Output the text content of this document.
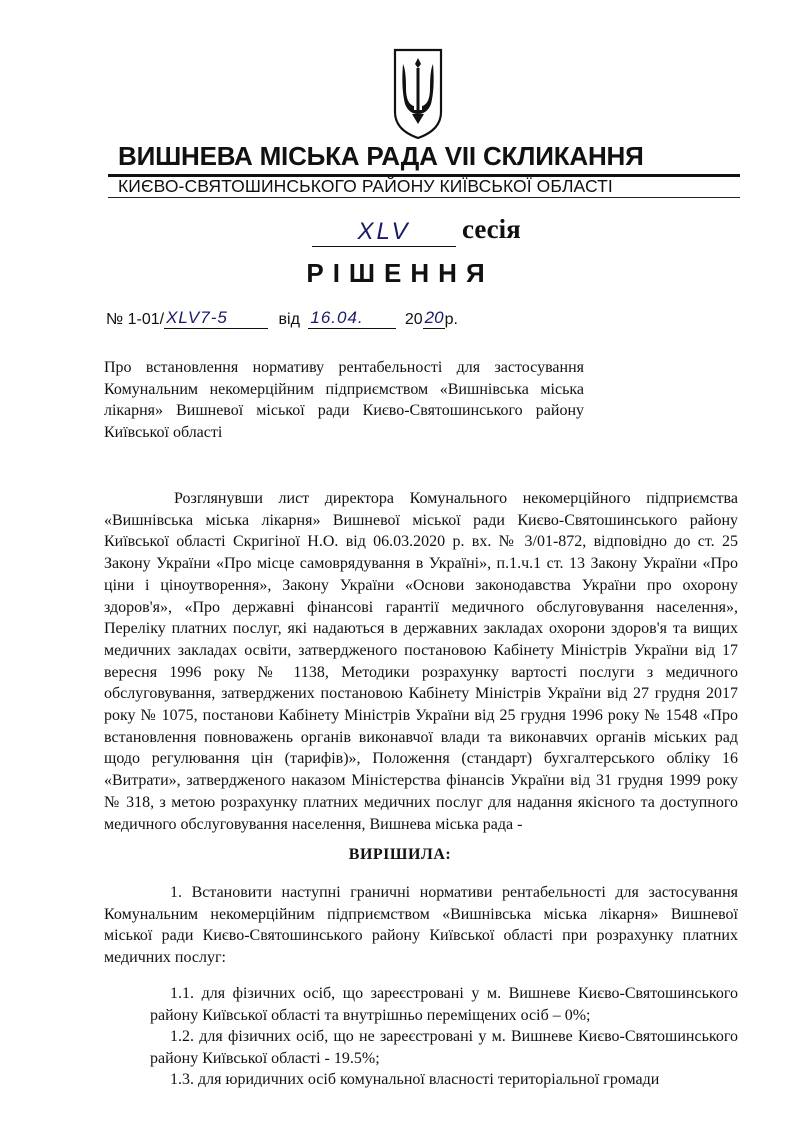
ВИШНЕВА МІСЬКА РАДА VII СКЛИКАННЯ
КИЄВО-СВЯТОШИНСЬКОГО РАЙОНУ КИЇВСЬКОЇ ОБЛАСТІ
XLV	сесія
РІШЕННЯ
№ 1-01/ XLV7-5	від 16.04.	20 20р.
Про встановлення нормативу рентабельності для застосування Комунальним некомерційним підприємством «Вишнівська міська лікарня» Вишневої міської ради Києво-Святошинського району Київської області
Розглянувши лист директора Комунального некомерційного підприємства «Вишнівська міська лікарня» Вишневої міської ради Києво-Святошинського району Київської області Скригіної Н.О. від 06.03.2020 р. вх. № 3/01-872, відповідно до ст. 25 Закону України «Про місце самоврядування в Україні», п.1.ч.1 ст. 13 Закону України «Про ціни і ціноутворення», Закону України «Основи законодавства України про охорону здоров'я», «Про державні фінансові гарантії медичного обслуговування населення», Переліку платних послуг, які надаються в державних закладах охорони здоров'я та вищих медичних закладах освіти, затвердженого постановою Кабінету Міністрів України від 17 вересня 1996 року № 1138, Методики розрахунку вартості послуги з медичного обслуговування, затверджених постановою Кабінету Міністрів України від 27 грудня 2017 року № 1075, постанови Кабінету Міністрів України від 25 грудня 1996 року № 1548 «Про встановлення повноважень органів виконавчої влади та виконавчих органів міських рад щодо регулювання цін (тарифів)», Положення (стандарт) бухгалтерського обліку 16 «Витрати», затвердженого наказом Міністерства фінансів України від 31 грудня 1999 року № 318, з метою розрахунку платних медичних послуг для надання якісного та доступного медичного обслуговування населення, Вишнева міська рада -
ВИРІШИЛА:
1. Встановити наступні граничні нормативи рентабельності для застосування Комунальним некомерційним підприємством «Вишнівська міська лікарня» Вишневої міської ради Києво-Святошинського району Київської області при розрахунку платних медичних послуг:
1.1. для фізичних осіб, що зареєстровані у м. Вишневе Києво-Святошинського району Київської області та внутрішньо переміщених осіб – 0%;
1.2. для фізичних осіб, що не зареєстровані у м. Вишневе Києво-Святошинського району Київської області - 19.5%;
1.3. для юридичних осіб комунальної власності територіальної громади
